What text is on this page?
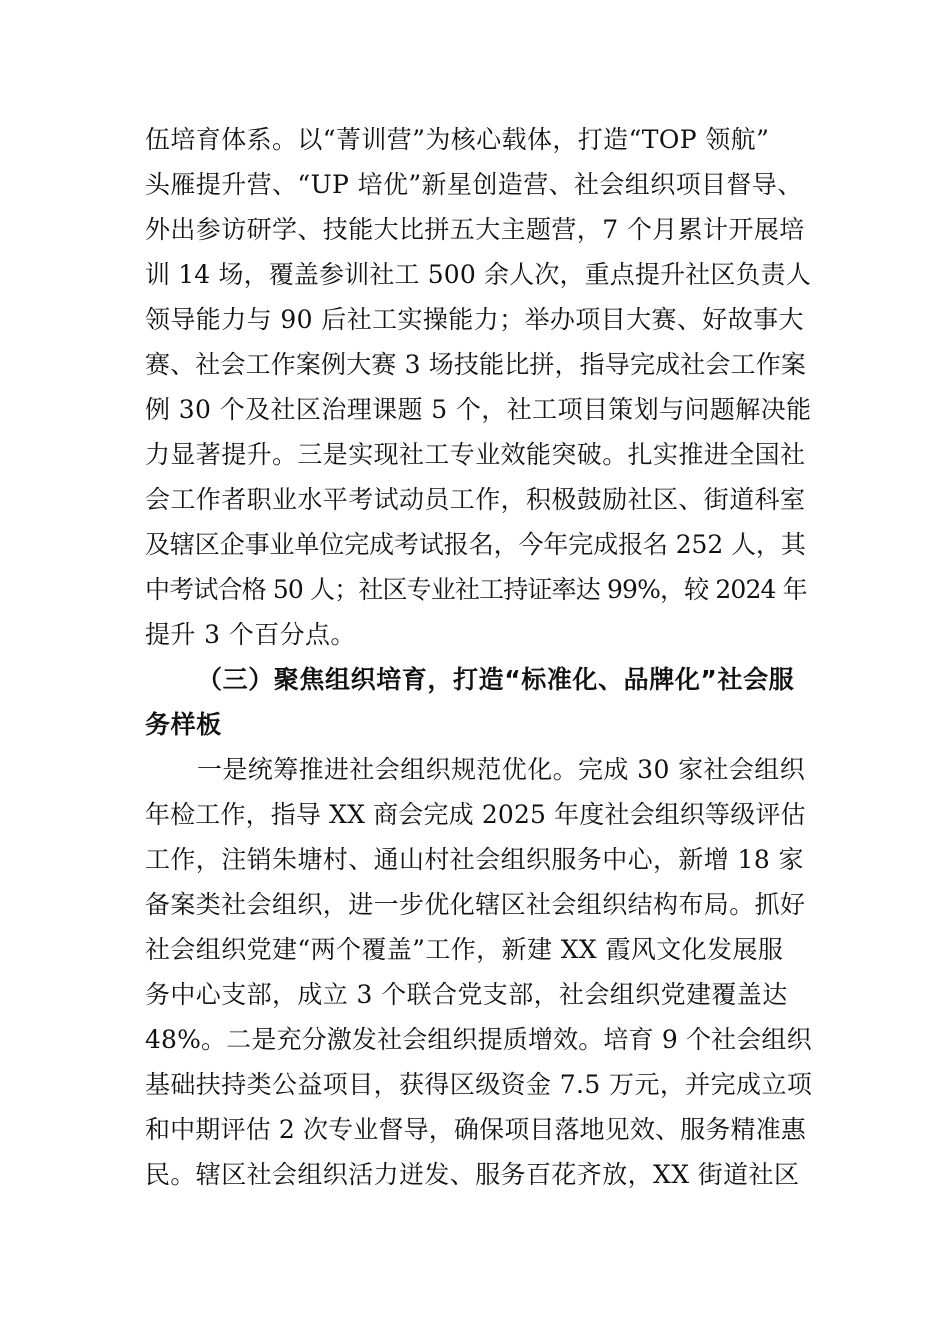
伍培育体系。以“菁训营”为核心载体，打造“TOP 领航”
头雁提升营、“UP 培优”新星创造营、社会组织项目督导、
外出参访研学、技能大比拼五大主题营，7 个月累计开展培
训 14 场，覆盖参训社工 500 余人次，重点提升社区负责人
领导能力与 90 后社工实操能力；举办项目大赛、好故事大
赛、社会工作案例大赛 3 场技能比拼，指导完成社会工作案
例 30 个及社区治理课题 5 个，社工项目策划与问题解决能
力显著提升。三是实现社工专业效能突破。扎实推进全国社
会工作者职业水平考试动员工作，积极鼓励社区、街道科室
及辖区企事业单位完成考试报名，今年完成报名 252 人，其
中考试合格 50 人；社区专业社工持证率达 99%，较 2024 年
提升 3 个百分点。
（三）聚焦组织培育，打造“标准化、品牌化”社会服
务样板
一是统筹推进社会组织规范优化。完成 30 家社会组织
年检工作，指导 XX 商会完成 2025 年度社会组织等级评估
工作，注销朱塘村、通山村社会组织服务中心，新增 18 家
备案类社会组织，进一步优化辖区社会组织结构布局。抓好
社会组织党建“两个覆盖”工作，新建 XX 霞风文化发展服
务中心支部，成立 3 个联合党支部，社会组织党建覆盖达
48%。二是充分激发社会组织提质增效。培育 9 个社会组织
基础扶持类公益项目，获得区级资金 7.5 万元，并完成立项
和中期评估 2 次专业督导，确保项目落地见效、服务精准惠
民。辖区社会组织活力迸发、服务百花齐放，XX 街道社区
